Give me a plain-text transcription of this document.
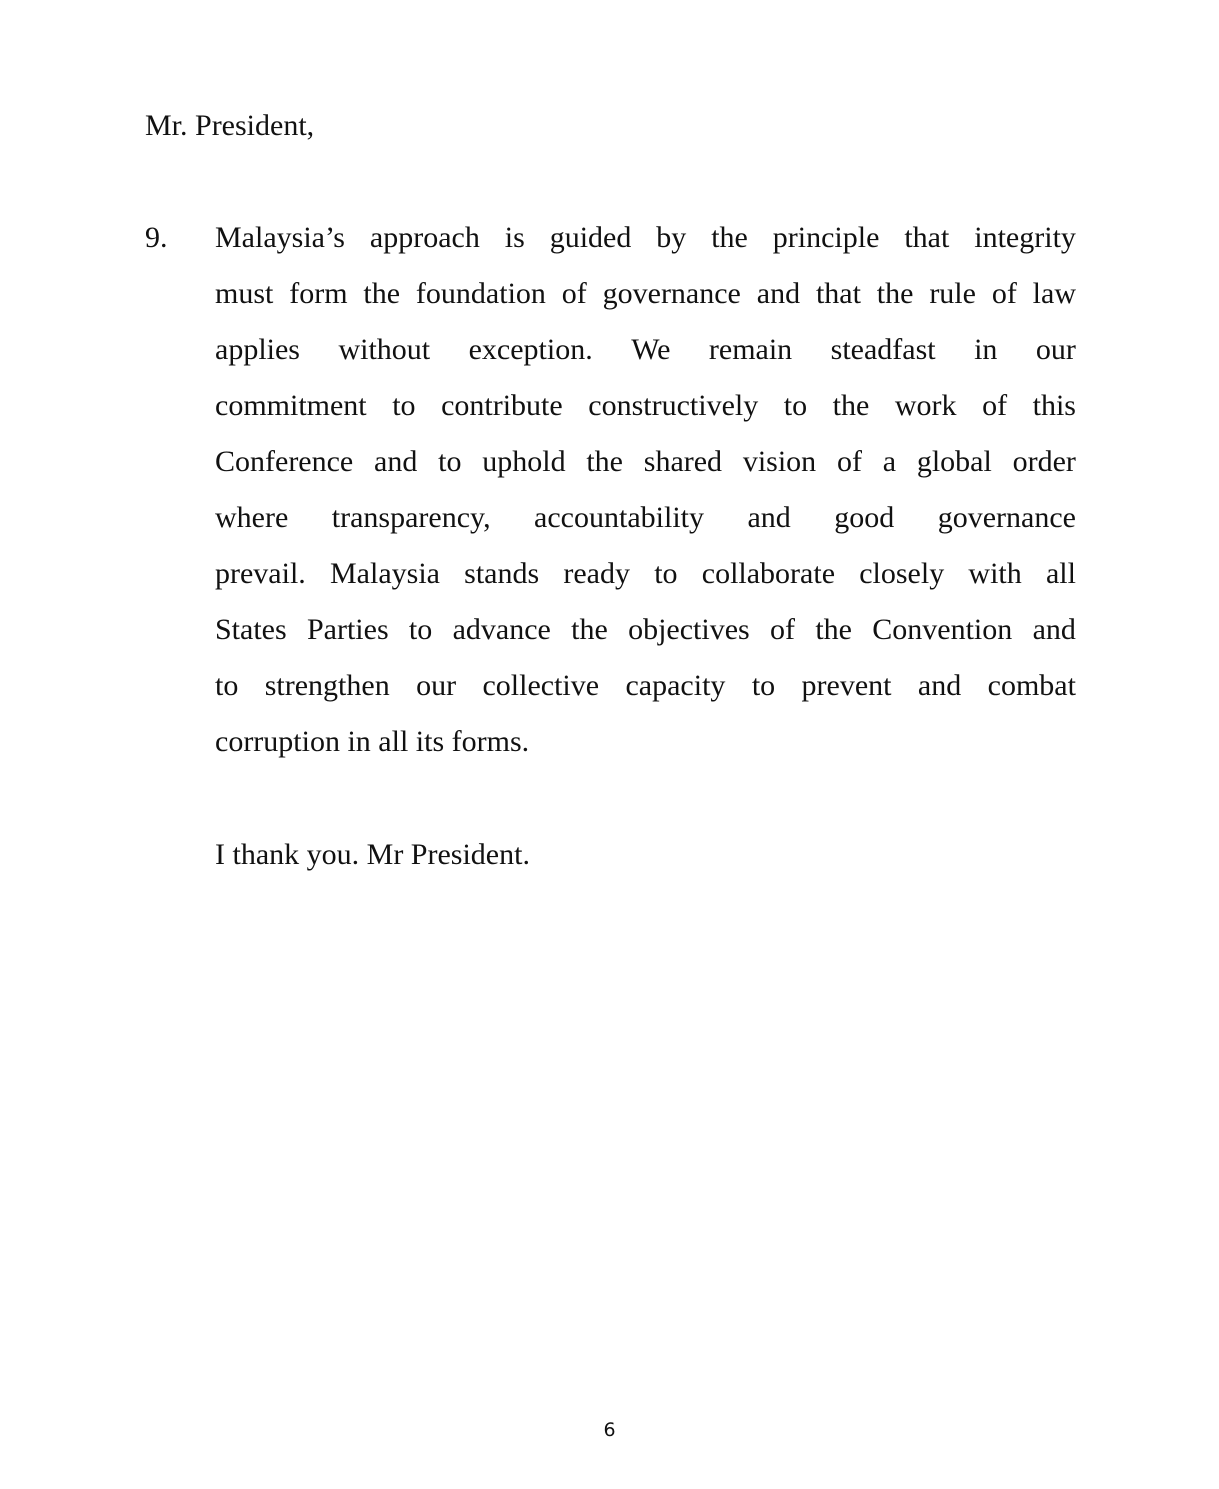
Mr. President,
9. Malaysia’s approach is guided by the principle that integrity
must form the foundation of governance and that the rule of law
applies without exception. We remain steadfast in our
commitment to contribute constructively to the work of this
Conference and to uphold the shared vision of a global order
where transparency, accountability and good governance
prevail. Malaysia stands ready to collaborate closely with all
States Parties to advance the objectives of the Convention and
to strengthen our collective capacity to prevent and combat
corruption in all its forms.
I thank you. Mr President.
6
